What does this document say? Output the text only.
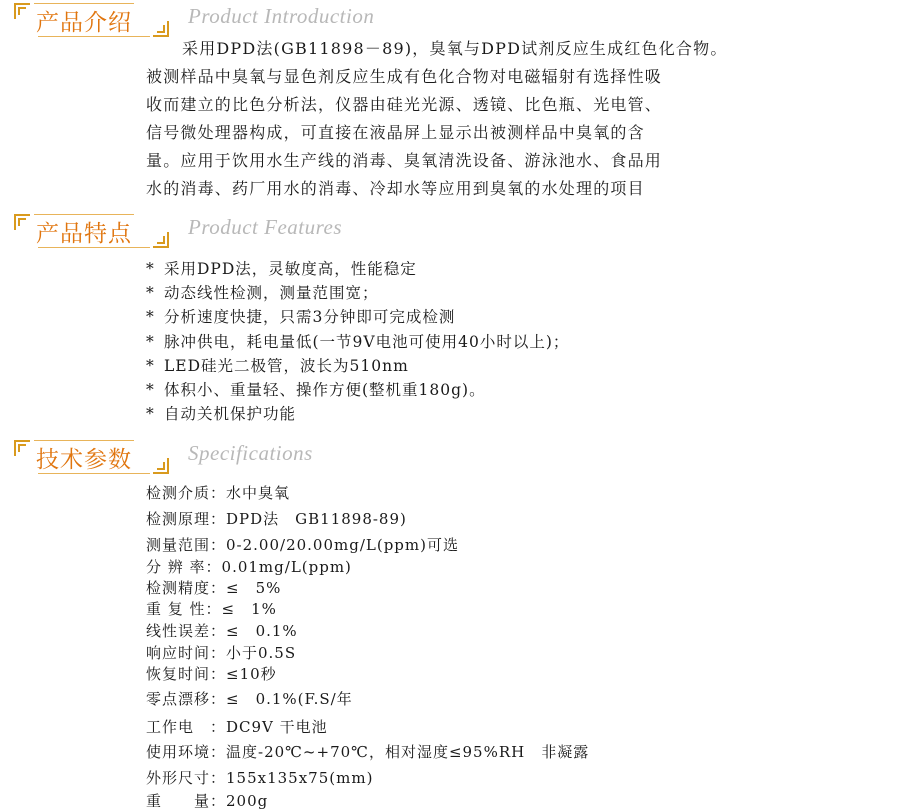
产品介绍	Product Introduction
采用DPD法(GB11898－89)，臭氧与DPD试剂反应生成红色化合物。
被测样品中臭氧与显色剂反应生成有色化合物对电磁辐射有选择性吸
收而建立的比色分析法，仪器由硅光光源、透镜、比色瓶、光电管、
信号微处理器构成，可直接在液晶屏上显示出被测样品中臭氧的含
量。应用于饮用水生产线的消毒、臭氧清洗设备、游泳池水、食品用
水的消毒、药厂用水的消毒、冷却水等应用到臭氧的水处理的项目
产品特点	Product Features
* 采用DPD法，灵敏度高，性能稳定
* 动态线性检测，测量范围宽；
* 分析速度快捷，只需3分钟即可完成检测
* 脉冲供电，耗电量低(一节9V电池可使用40小时以上)；
* LED硅光二极管，波长为510nm
* 体积小、重量轻、操作方便(整机重180g)。
* 自动关机保护功能
技术参数	Specifications
检测介质：水中臭氧
检测原理：DPD法　GB11898-89)
测量范围：0-2.00/20.00mg/L(ppm)可选
分 辨 率：0.01mg/L(ppm)
检测精度：≤　5%
重 复 性：≤　1%
线性误差：≤　0.1%
响应时间：小于0.5S
恢复时间：≤10秒
零点漂移：≤　0.1%(F.S/年
工作电　：DC9V 干电池
使用环境：温度-20℃~+70℃，相对湿度≤95%RH　非凝露
外形尺寸：155x135x75(mm)
重　　量：200g
